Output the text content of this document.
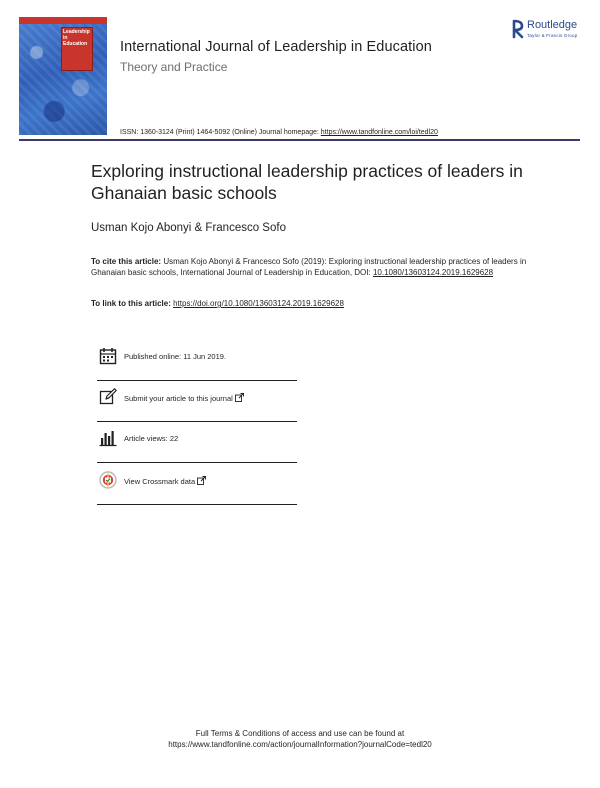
Leadership in
Education International Journal of Leadership in Education
Theory and Practice
Routledge
Taylor & Francis Group
ISSN: 1360-3124 (Print) 1464-5092 (Online) Journal homepage: https://www.tandfonline.com/loi/tedl20
Exploring instructional leadership practices of leaders in Ghanaian basic schools
Usman Kojo Abonyi & Francesco Sofo
To cite this article: Usman Kojo Abonyi & Francesco Sofo (2019): Exploring instructional leadership practices of leaders in Ghanaian basic schools, International Journal of Leadership in Education, DOI: 10.1080/13603124.2019.1629628
To link to this article: https://doi.org/10.1080/13603124.2019.1629628
Published online: 11 Jun 2019.
Submit your article to this journal
Article views: 22
View Crossmark data
Full Terms & Conditions of access and use can be found at
https://www.tandfonline.com/action/journalInformation?journalCode=tedl20
